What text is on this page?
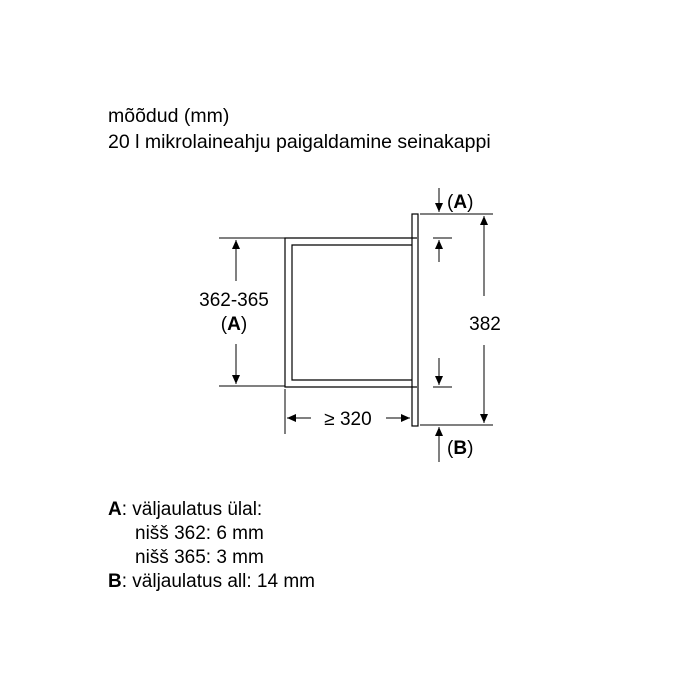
mõõdud (mm)
20 l mikrolaineahju paigaldamine seinakappi
362-365
(A)
≥ 320
382
(A)
(B)
A: väljaulatus ülal:
nišš 362: 6 mm
nišš 365: 3 mm
B: väljaulatus all: 14 mm
